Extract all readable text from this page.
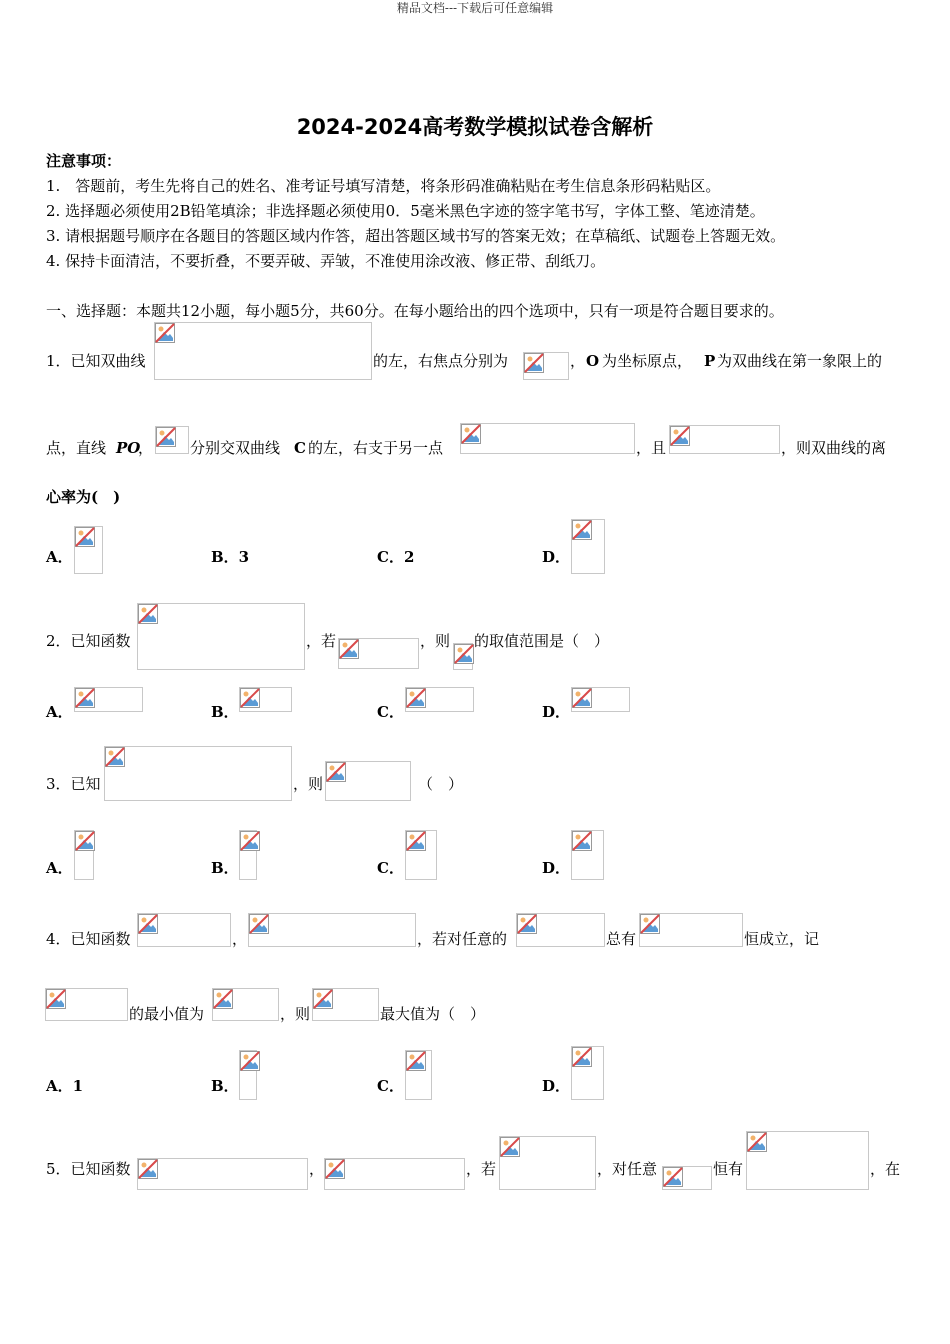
精品文档---下载后可任意编辑
2024-2024高考数学模拟试卷含解析
注意事项：
1.　答题前，考生先将自己的姓名、准考证号填写清楚，将条形码准确粘贴在考生信息条形码粘贴区。
2. 选择题必须使用2B铅笔填涂；非选择题必须使用0．5毫米黑色字迹的签字笔书写，字体工整、笔迹清楚。
3. 请根据题号顺序在各题目的答题区域内作答，超出答题区域书写的答案无效；在草稿纸、试题卷上答题无效。
4. 保持卡面清洁，不要折叠，不要弄破、弄皱，不准使用涂改液、修正带、刮纸刀。
一、选择题：本题共12小题，每小题5分，共60分。在每小题给出的四个选项中，只有一项是符合题目要求的。
1．已知双曲线	的左，右焦点分别为	， O 为坐标原点， P 为双曲线在第一象限上的
点，直线 PO
， 分别交双曲线 C 的左，右支于另一点	，且	，则双曲线的离
心率为(　)
A．	B．3	C．2	D．
2．已知函数	，若	，则 的取值范围是（　）
A．	B．	C．	D．
3．已知	，则	（　）
A．	B．	C．	D．
4．已知函数	，	，若对任意的	总有	恒成立，记
的最小值为	，则	最大值为（　）
A．1	B．	C．	D．
5．已知函数	，	，若	，对任意	恒有	，在
